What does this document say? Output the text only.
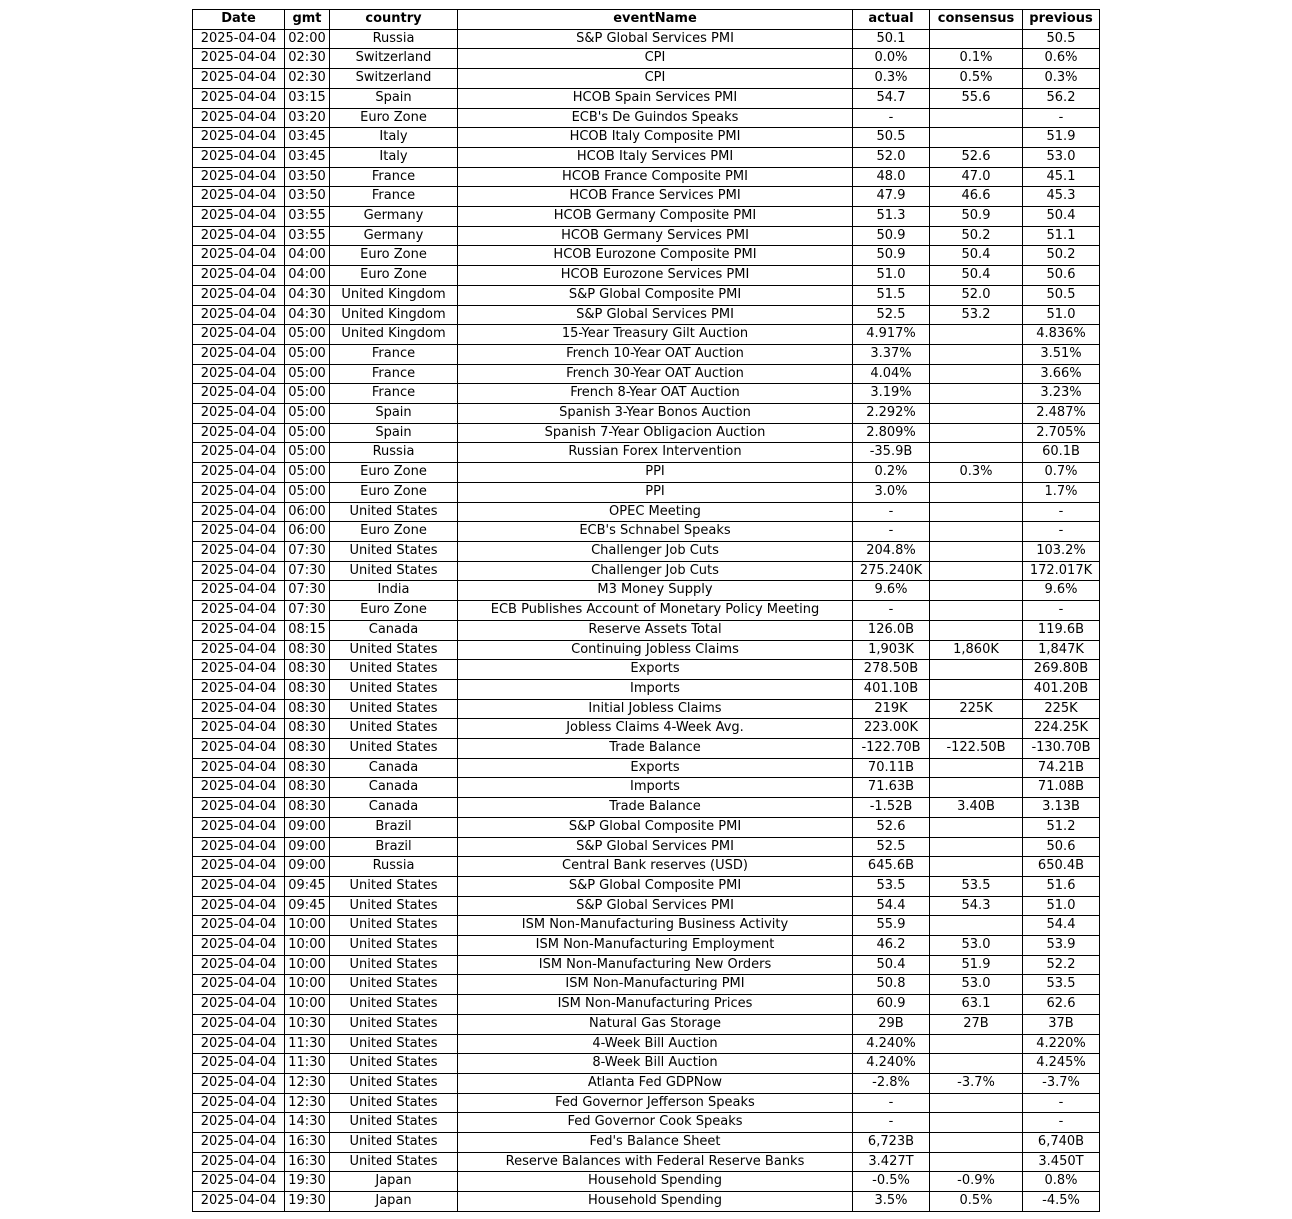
Date	gmt	country	eventName	actual	consensus	previous
2025-04-04	02:00	Russia	S&P Global Services PMI	50.1		50.5
2025-04-04	02:30	Switzerland	CPI	0.0%	0.1%	0.6%
2025-04-04	02:30	Switzerland	CPI	0.3%	0.5%	0.3%
2025-04-04	03:15	Spain	HCOB Spain Services PMI	54.7	55.6	56.2
2025-04-04	03:20	Euro Zone	ECB's De Guindos Speaks	-		-
2025-04-04	03:45	Italy	HCOB Italy Composite PMI	50.5		51.9
2025-04-04	03:45	Italy	HCOB Italy Services PMI	52.0	52.6	53.0
2025-04-04	03:50	France	HCOB France Composite PMI	48.0	47.0	45.1
2025-04-04	03:50	France	HCOB France Services PMI	47.9	46.6	45.3
2025-04-04	03:55	Germany	HCOB Germany Composite PMI	51.3	50.9	50.4
2025-04-04	03:55	Germany	HCOB Germany Services PMI	50.9	50.2	51.1
2025-04-04	04:00	Euro Zone	HCOB Eurozone Composite PMI	50.9	50.4	50.2
2025-04-04	04:00	Euro Zone	HCOB Eurozone Services PMI	51.0	50.4	50.6
2025-04-04	04:30	United Kingdom	S&P Global Composite PMI	51.5	52.0	50.5
2025-04-04	04:30	United Kingdom	S&P Global Services PMI	52.5	53.2	51.0
2025-04-04	05:00	United Kingdom	15-Year Treasury Gilt Auction	4.917%		4.836%
2025-04-04	05:00	France	French 10-Year OAT Auction	3.37%		3.51%
2025-04-04	05:00	France	French 30-Year OAT Auction	4.04%		3.66%
2025-04-04	05:00	France	French 8-Year OAT Auction	3.19%		3.23%
2025-04-04	05:00	Spain	Spanish 3-Year Bonos Auction	2.292%		2.487%
2025-04-04	05:00	Spain	Spanish 7-Year Obligacion Auction	2.809%		2.705%
2025-04-04	05:00	Russia	Russian Forex Intervention	-35.9B		60.1B
2025-04-04	05:00	Euro Zone	PPI	0.2%	0.3%	0.7%
2025-04-04	05:00	Euro Zone	PPI	3.0%		1.7%
2025-04-04	06:00	United States	OPEC Meeting	-		-
2025-04-04	06:00	Euro Zone	ECB's Schnabel Speaks	-		-
2025-04-04	07:30	United States	Challenger Job Cuts	204.8%		103.2%
2025-04-04	07:30	United States	Challenger Job Cuts	275.240K		172.017K
2025-04-04	07:30	India	M3 Money Supply	9.6%		9.6%
2025-04-04	07:30	Euro Zone	ECB Publishes Account of Monetary Policy Meeting	-		-
2025-04-04	08:15	Canada	Reserve Assets Total	126.0B		119.6B
2025-04-04	08:30	United States	Continuing Jobless Claims	1,903K	1,860K	1,847K
2025-04-04	08:30	United States	Exports	278.50B		269.80B
2025-04-04	08:30	United States	Imports	401.10B		401.20B
2025-04-04	08:30	United States	Initial Jobless Claims	219K	225K	225K
2025-04-04	08:30	United States	Jobless Claims 4-Week Avg.	223.00K		224.25K
2025-04-04	08:30	United States	Trade Balance	-122.70B	-122.50B	-130.70B
2025-04-04	08:30	Canada	Exports	70.11B		74.21B
2025-04-04	08:30	Canada	Imports	71.63B		71.08B
2025-04-04	08:30	Canada	Trade Balance	-1.52B	3.40B	3.13B
2025-04-04	09:00	Brazil	S&P Global Composite PMI	52.6		51.2
2025-04-04	09:00	Brazil	S&P Global Services PMI	52.5		50.6
2025-04-04	09:00	Russia	Central Bank reserves (USD)	645.6B		650.4B
2025-04-04	09:45	United States	S&P Global Composite PMI	53.5	53.5	51.6
2025-04-04	09:45	United States	S&P Global Services PMI	54.4	54.3	51.0
2025-04-04	10:00	United States	ISM Non-Manufacturing Business Activity	55.9		54.4
2025-04-04	10:00	United States	ISM Non-Manufacturing Employment	46.2	53.0	53.9
2025-04-04	10:00	United States	ISM Non-Manufacturing New Orders	50.4	51.9	52.2
2025-04-04	10:00	United States	ISM Non-Manufacturing PMI	50.8	53.0	53.5
2025-04-04	10:00	United States	ISM Non-Manufacturing Prices	60.9	63.1	62.6
2025-04-04	10:30	United States	Natural Gas Storage	29B	27B	37B
2025-04-04	11:30	United States	4-Week Bill Auction	4.240%		4.220%
2025-04-04	11:30	United States	8-Week Bill Auction	4.240%		4.245%
2025-04-04	12:30	United States	Atlanta Fed GDPNow	-2.8%	-3.7%	-3.7%
2025-04-04	12:30	United States	Fed Governor Jefferson Speaks	-		-
2025-04-04	14:30	United States	Fed Governor Cook Speaks	-		-
2025-04-04	16:30	United States	Fed's Balance Sheet	6,723B		6,740B
2025-04-04	16:30	United States	Reserve Balances with Federal Reserve Banks	3.427T		3.450T
2025-04-04	19:30	Japan	Household Spending	-0.5%	-0.9%	0.8%
2025-04-04	19:30	Japan	Household Spending	3.5%	0.5%	-4.5%
